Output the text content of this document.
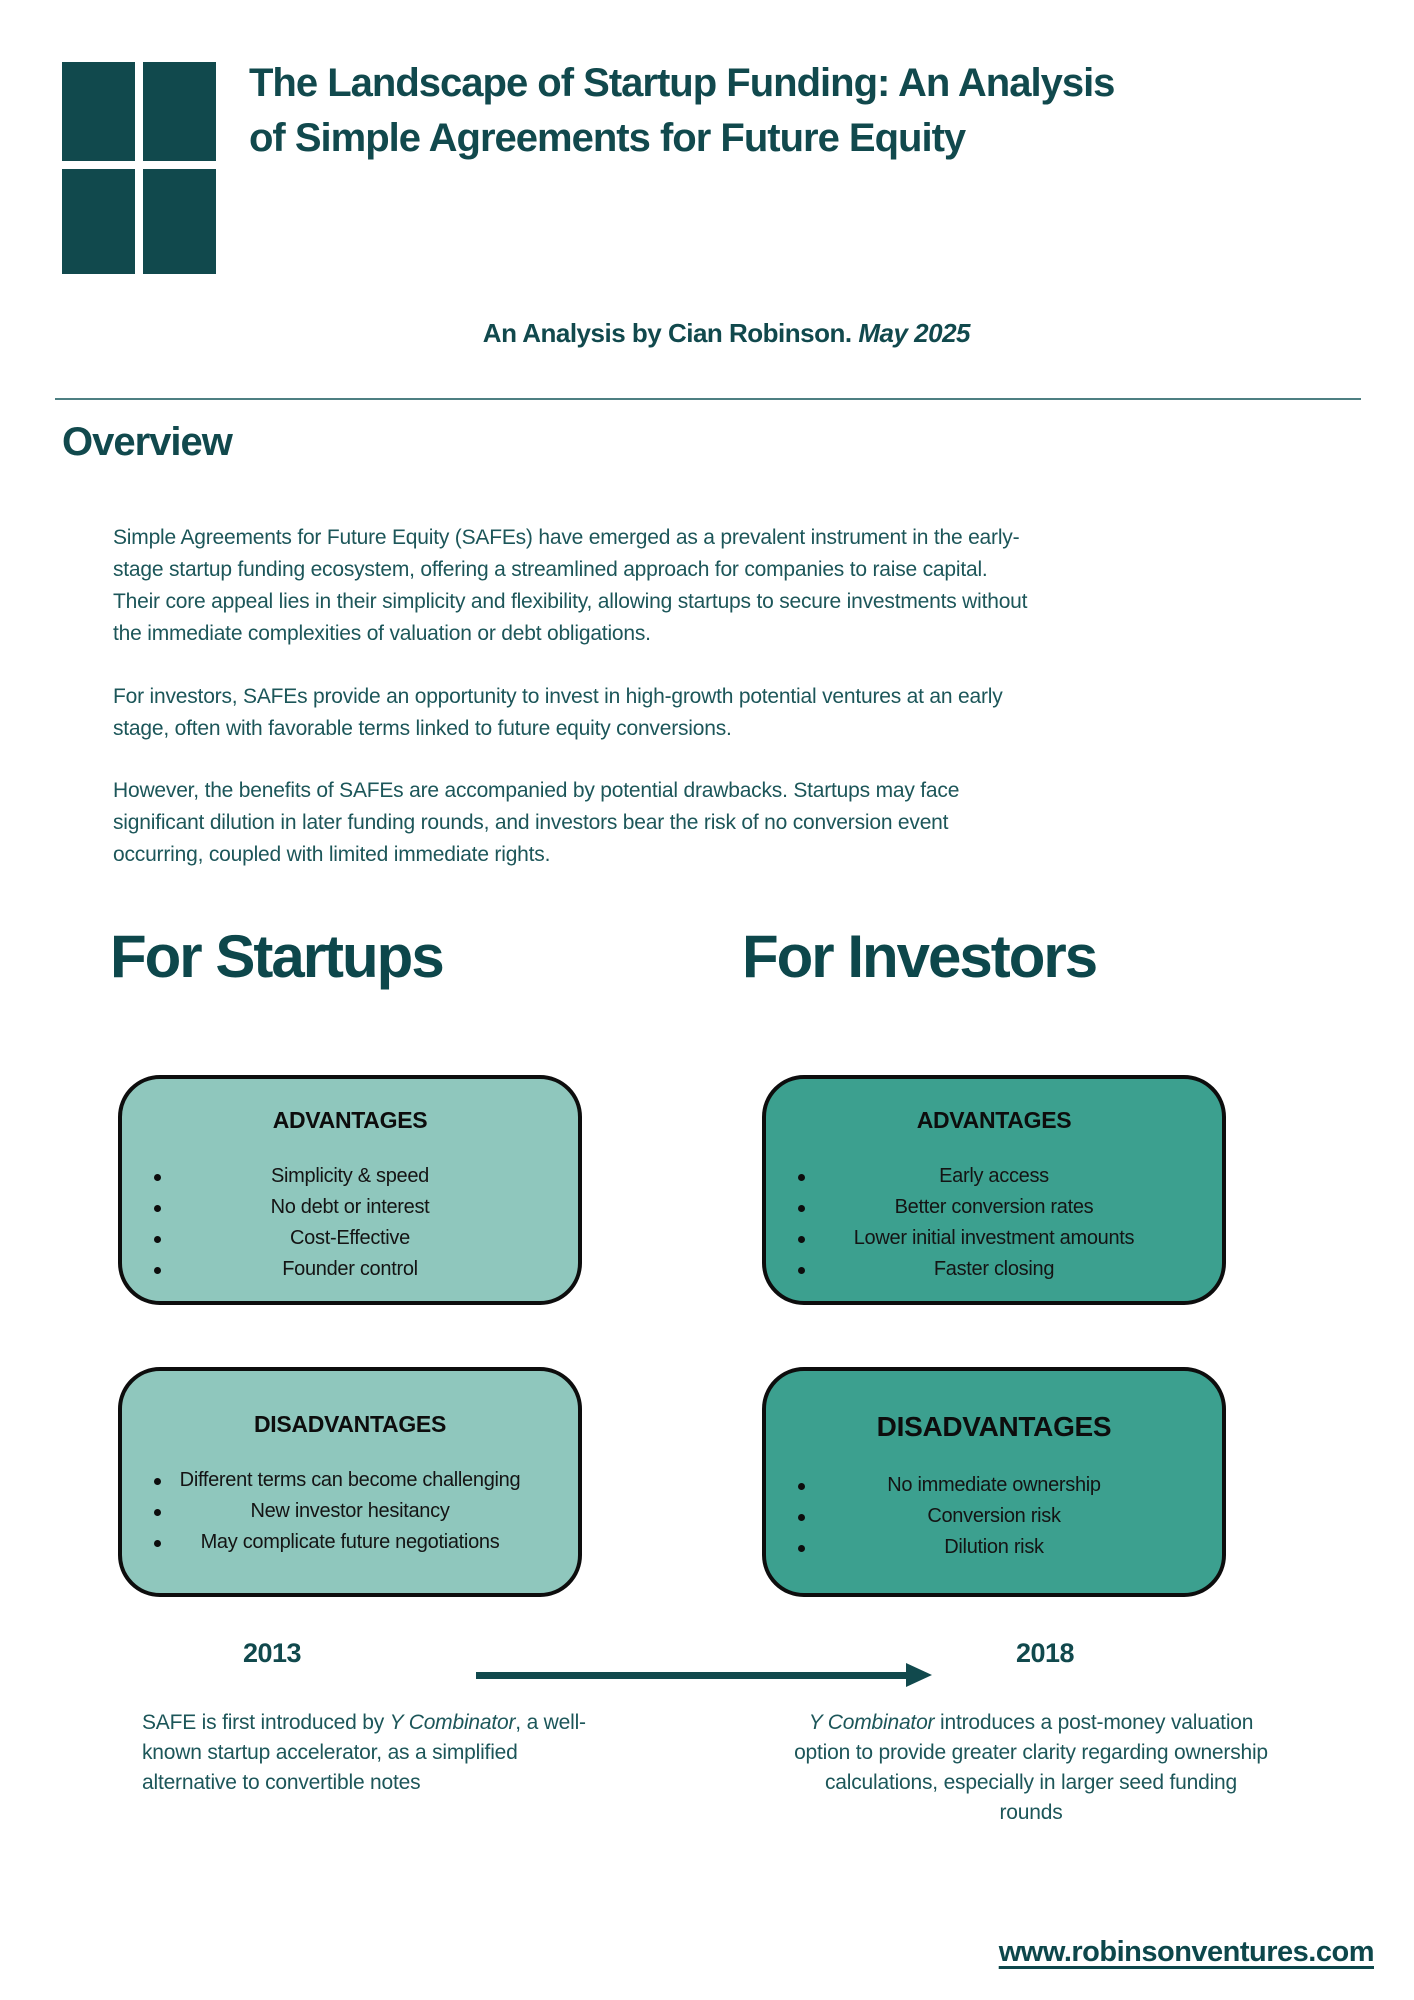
The Landscape of Startup Funding: An Analysis of Simple Agreements for Future Equity
An Analysis by Cian Robinson. May 2025
Overview

Simple Agreements for Future Equity (SAFEs) have emerged as a prevalent instrument in the early-stage startup funding ecosystem, offering a streamlined approach for companies to raise capital. Their core appeal lies in their simplicity and flexibility, allowing startups to secure investments without the immediate complexities of valuation or debt obligations.

For investors, SAFEs provide an opportunity to invest in high-growth potential ventures at an early stage, often with favorable terms linked to future equity conversions.

However, the benefits of SAFEs are accompanied by potential drawbacks. Startups may face significant dilution in later funding rounds, and investors bear the risk of no conversion event occurring, coupled with limited immediate rights.

For Startups	For Investors
ADVANTAGES
Simplicity & speed
No debt or interest
Cost-Effective
Founder control
ADVANTAGES
Early access
Better conversion rates
Lower initial investment amounts
Faster closing
DISADVANTAGES
Different terms can become challenging
New investor hesitancy
May complicate future negotiations
DISADVANTAGES
No immediate ownership
Conversion risk
Dilution risk
2013	2018
SAFE is first introduced by Y Combinator, a well-known startup accelerator, as a simplified alternative to convertible notes
Y Combinator introduces a post-money valuation option to provide greater clarity regarding ownership calculations, especially in larger seed funding rounds
www.robinsonventures.com
